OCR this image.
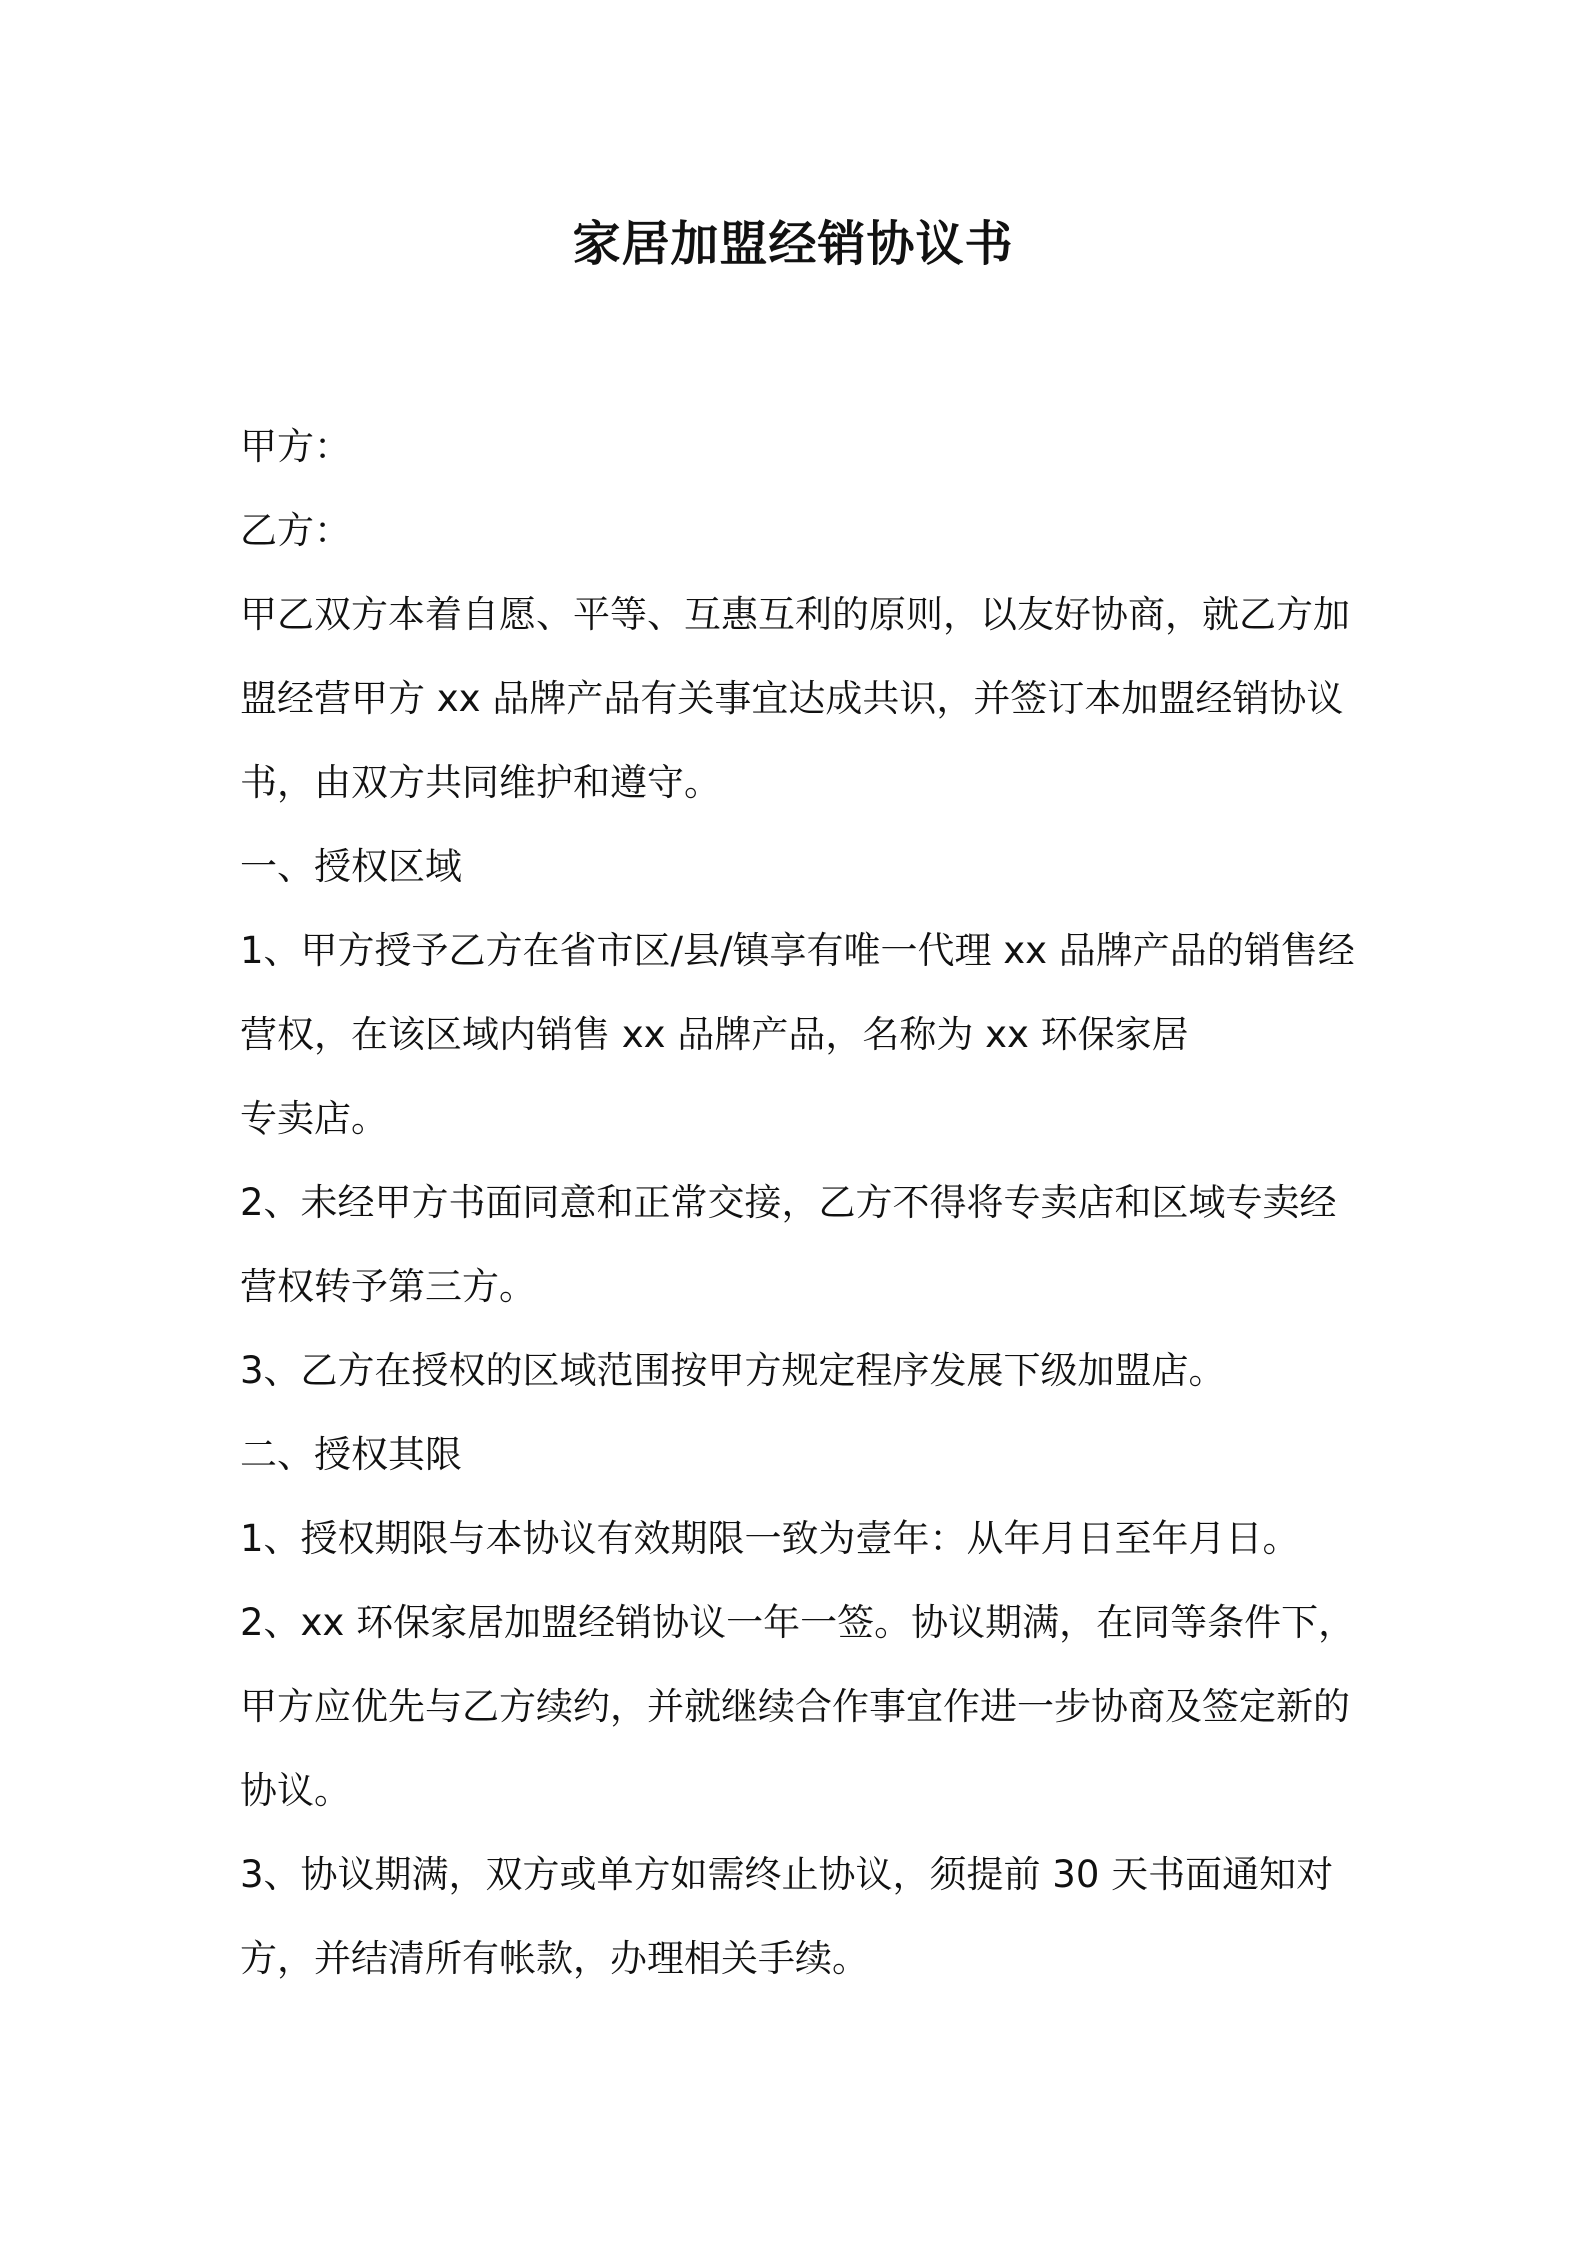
家居加盟经销协议书

甲方：

乙方：

甲乙双方本着自愿、平等、互惠互利的原则，以友好协商，就乙方加

盟经营甲方 xx 品牌产品有关事宜达成共识，并签订本加盟经销协议

书，由双方共同维护和遵守。

一、授权区域

1、甲方授予乙方在省市区/县/镇享有唯一代理 xx 品牌产品的销售经

营权，在该区域内销售 xx 品牌产品，名称为 xx 环保家居

专卖店。

2、未经甲方书面同意和正常交接，乙方不得将专卖店和区域专卖经

营权转予第三方。

3、乙方在授权的区域范围按甲方规定程序发展下级加盟店。

二、授权其限

1、授权期限与本协议有效期限一致为壹年：从年月日至年月日。

2、xx 环保家居加盟经销协议一年一签。协议期满，在同等条件下，

甲方应优先与乙方续约，并就继续合作事宜作进一步协商及签定新的

协议。

3、协议期满，双方或单方如需终止协议，须提前 30 天书面通知对

方，并结清所有帐款，办理相关手续。
